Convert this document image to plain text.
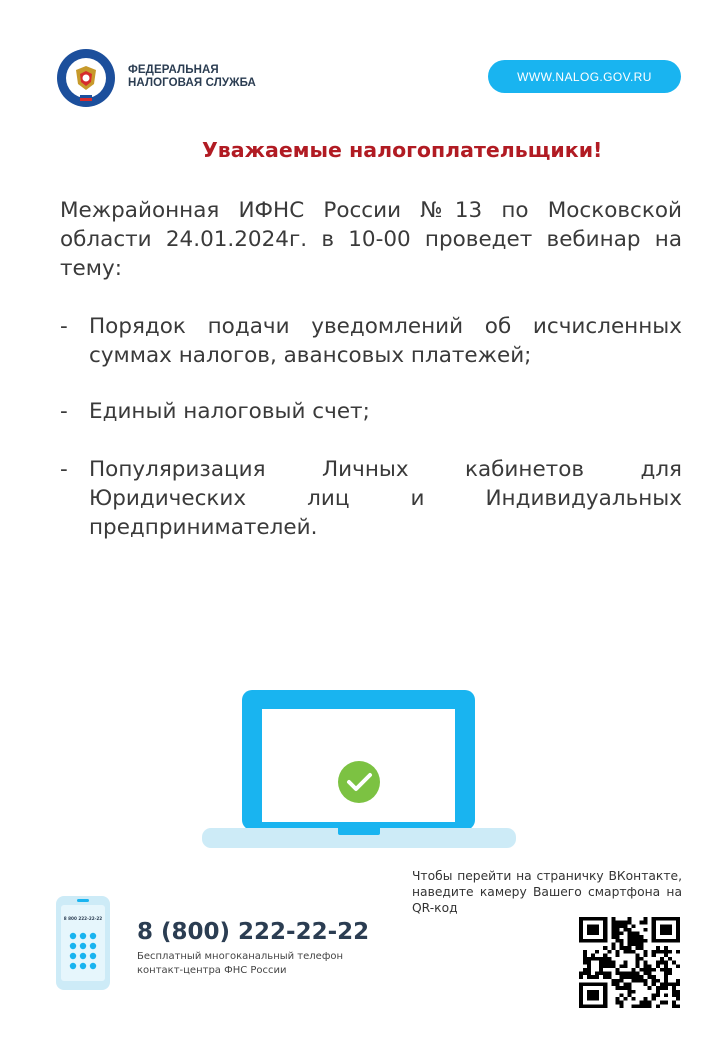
ФЕДЕРАЛЬНАЯ
НАЛОГОВАЯ СЛУЖБА	WWW.NALOG.GOV.RU
Уважаемые налогоплательщики!
Межрайонная ИФНС России №13 по Московской области 24.01.2024г. в 10-00 проведет вебинар на тему:
- Порядок подачи уведомлений об исчисленных суммах налогов, авансовых платежей;
- Единый налоговый счет;
- Популяризация Личных кабинетов для Юридических лиц и Индивидуальных предпринимателей.
8 800 222-22-22
8 (800) 222-22-22
Бесплатный многоканальный телефон
контакт-центра ФНС России
Чтобы перейти на страничку ВКонтакте, наведите камеру Вашего смартфона на QR-код
